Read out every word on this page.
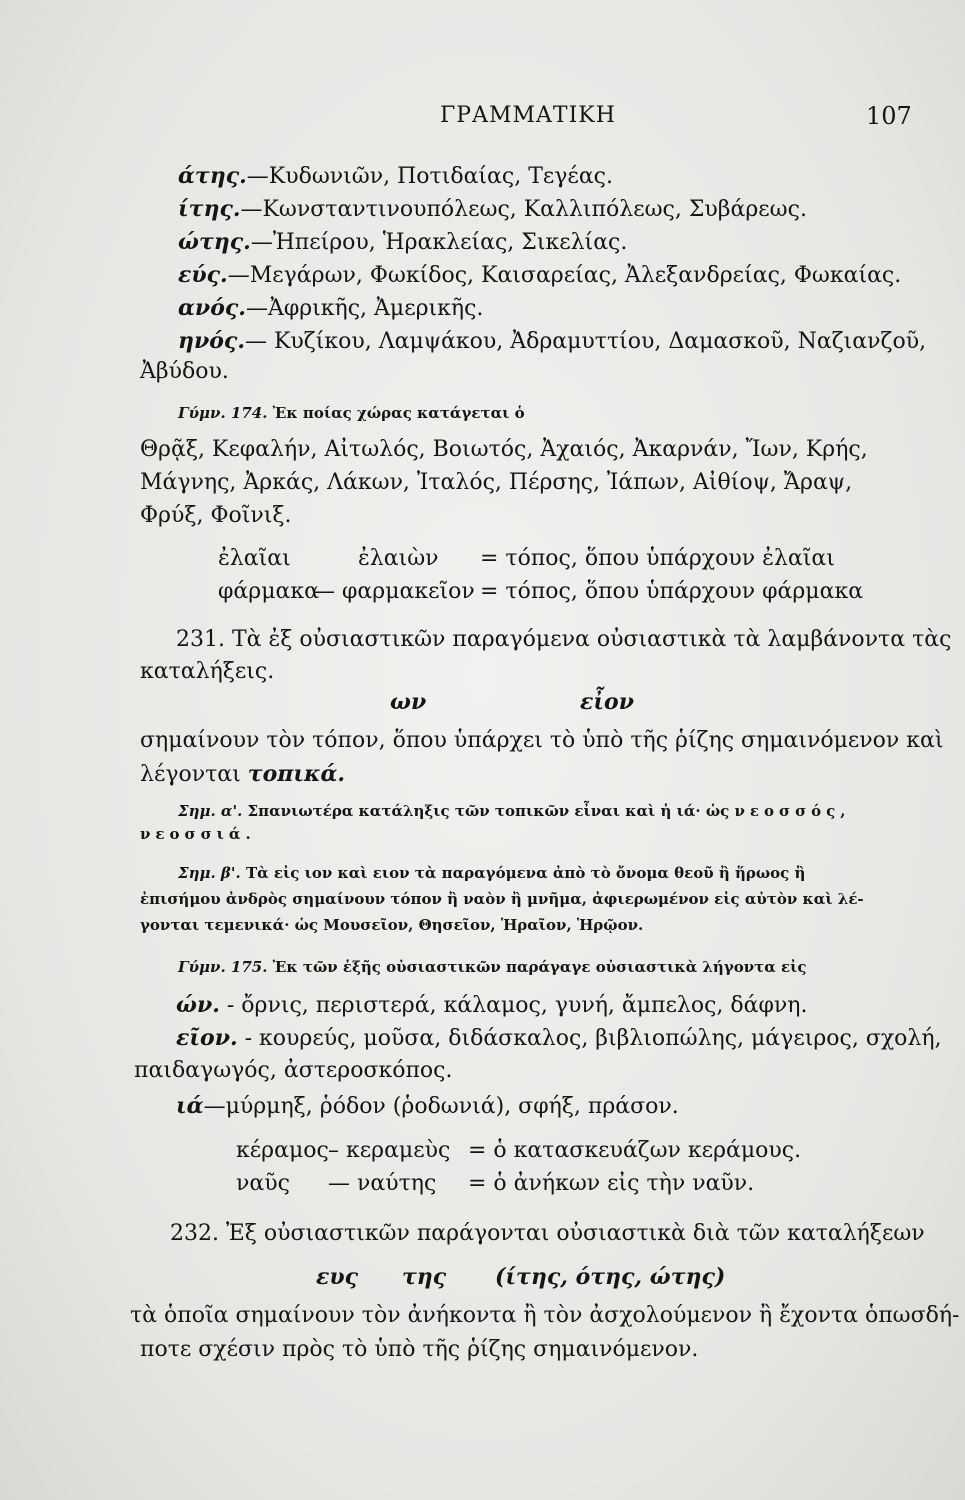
ΓΡΑΜΜΑΤΙΚΗ	107
άτης.—Κυδωνιῶν, Ποτιδαίας, Τεγέας.
ίτης.—Κωνσταντινουπόλεως, Καλλιπόλεως, Συβάρεως.
ώτης.—Ἠπείρου, Ἡρακλείας, Σικελίας.
εύς.—Μεγάρων, Φωκίδος, Καισαρείας, Ἀλεξανδρείας, Φωκαίας.
ανός.—Ἀφρικῆς, Ἀμερικῆς.
ηνός.— Κυζίκου, Λαμψάκου, Ἀδραμυττίου, Δαμασκοῦ, Ναζιανζοῦ,
Ἀβύδου.
Γύμν. 174. Ἐκ ποίας χώρας κατάγεται ὁ
Θρᾷξ, Κεφαλήν, Αἰτωλός, Βοιωτός, Ἀχαιός, Ἀκαρνάν, Ἴων, Κρής,
Μάγνης, Ἀρκάς, Λάκων, Ἰταλός, Πέρσης, Ἰάπων, Αἰθίοψ, Ἄραψ,
Φρύξ, Φοῖνιξ.
ἐλαῖαι	ἐλαιὼν = τόπος, ὅπου ὑπάρχουν ἐλαῖαι
φάρμακα— φαρμακεῖον = τόπος, ὅπου ὑπάρχουν φάρμακα
231. Τὰ ἐξ οὐσιαστικῶν παραγόμενα οὐσιαστικὰ τὰ λαμβάνοντα τὰς
καταλήξεις.
ων	εἶον
σημαίνουν τὸν τόπον, ὅπου ὑπάρχει τὸ ὑπὸ τῆς ῥίζης σημαινόμενον καὶ
λέγονται τοπικά.
Σημ. α'. Σπανιωτέρα κατάληξις τῶν τοπικῶν εἶναι καὶ ἡ ιά· ὡς νεοσσός,
νεοσσιά.
Σημ. β'. Τὰ εἰς ιον καὶ ειον τὰ παραγόμενα ἀπὸ τὸ ὄνομα θεοῦ ἢ ἥρωος ἢ
ἐπισήμου ἀνδρὸς σημαίνουν τόπον ἢ ναὸν ἢ μνῆμα, ἀφιερωμένον εἰς αὐτὸν καὶ λέ-
γονται τεμενικά· ὡς Μουσεῖον, Θησεῖον, Ἡραῖον, Ἡρῷον.
Γύμν. 175. Ἐκ τῶν ἑξῆς οὐσιαστικῶν παράγαγε οὐσιαστικὰ λήγοντα εἰς
ών. - ὄρνις, περιστερά, κάλαμος, γυνή, ἄμπελος, δάφνη.
εῖον. - κουρεύς, μοῦσα, διδάσκαλος, βιβλιοπώλης, μάγειρος, σχολή,
παιδαγωγός, ἀστεροσκόπος.
ιά—μύρμηξ, ῥόδον (ῥοδωνιά), σφήξ, πράσον.
κέραμος– κεραμεὺς = ὁ κατασκευάζων κεράμους.
ναῦς — ναύτης = ὁ ἀνήκων εἰς τὴν ναῦν.
232. Ἐξ οὐσιαστικῶν παράγονται οὐσιαστικὰ διὰ τῶν καταλήξεων
ευς της (ίτης, ότης, ώτης)
τὰ ὁποῖα σημαίνουν τὸν ἀνήκοντα ἢ τὸν ἀσχολούμενον ἢ ἔχοντα ὁπωσδή-
ποτε σχέσιν πρὸς τὸ ὑπὸ τῆς ῥίζης σημαινόμενον.
